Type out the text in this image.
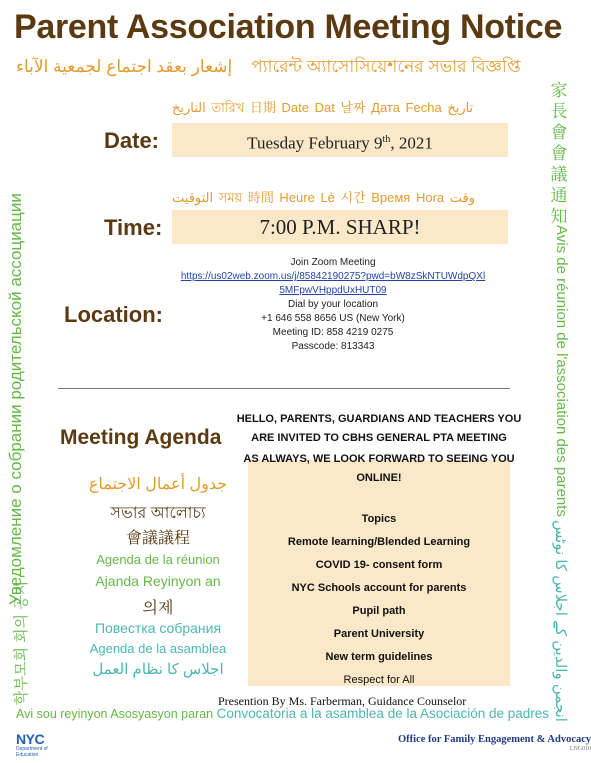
Parent Association Meeting Notice
إشعار بعقد اجتماع لجمعية الآباء প্যারেন্ট অ্যাসোসিয়েশনের সভার বিজ্ঞপ্তি
Уведомление о собрании родительской ассоциации
학부모회 회의 공지
家
長
會
會
議
通
知
Avis de réunion de l'association des parents
انجمن والدین کے اجلاس کا نوٹس
التاريخ তারিখ 日期 Date Dat 날짜 Дата Fecha تاریخ
Date:	Tuesday February 9th, 2021
التوقيت সময় 時間 Heure Lè 시간 Время Hora وقت
Time:	7:00 P.M. SHARP!
Location:
Join Zoom Meeting
https://us02web.zoom.us/j/85842190275?pwd=bW8zSkNTUWdpQXl
5MFpwVHppdUxHUT09
Dial by your location
+1 646 558 8656 US (New York)
Meeting ID: 858 4219 0275
Passcode: 813343
Meeting Agenda
جدول أعمال الاجتماع
সভার আলোচ্য
會議議程
Agenda de la réunion
Ajanda Reyinyon an
의제
Повестка собрания
Agenda de la asamblea
اجلاس کا نظام العمل
HELLO, PARENTS, GUARDIANS AND TEACHERS YOU ARE INVITED TO CBHS GENERAL PTA MEETING
AS ALWAYS, WE LOOK FORWARD TO SEEING YOU ONLINE!
Topics
Remote learning/Blended Learning
COVID 19- consent form
NYC Schools account for parents
Pupil path
Parent University
New term guidelines
Respect for All
Presention By Ms. Farberman, Guidance Counselor
Avi sou reyinyon Asosyasyon paran Convocatoria a la asamblea de la Asociación de padres
NYC
Department of
Education
Office for Family Engagement & Advocacy
LNG010
